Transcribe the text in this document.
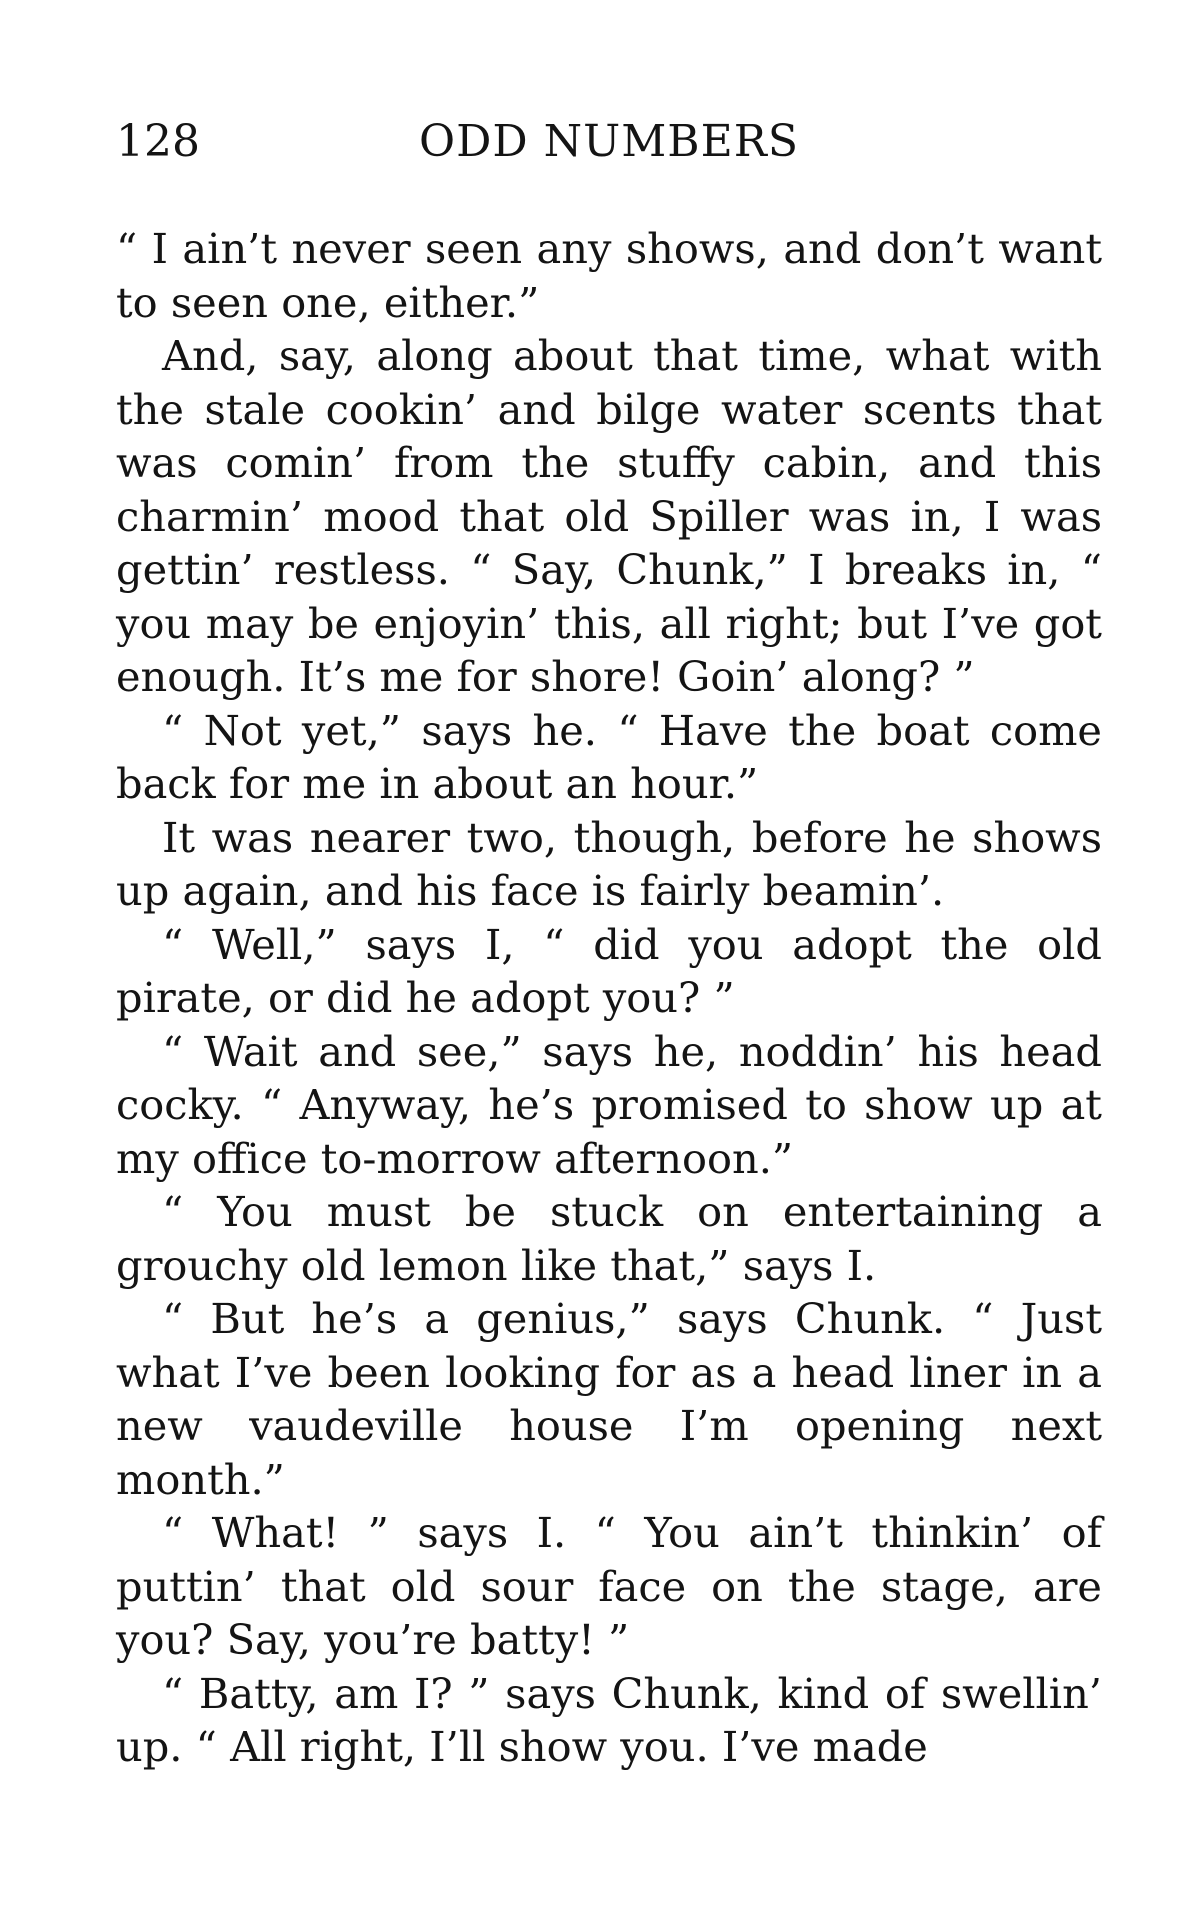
128	ODD NUMBERS

“ I ain’t never seen any shows, and don’t want to seen one, either.”

And, say, along about that time, what with the stale cookin’ and bilge water scents that was comin’ from the stuffy cabin, and this charmin’ mood that old Spiller was in, I was gettin’ restless. “ Say, Chunk,” I breaks in, “ you may be enjoyin’ this, all right; but I’ve got enough. It’s me for shore! Goin’ along? ”

“ Not yet,” says he. “ Have the boat come back for me in about an hour.”

It was nearer two, though, before he shows up again, and his face is fairly beamin’.

“ Well,” says I, “ did you adopt the old pirate, or did he adopt you? ”

“ Wait and see,” says he, noddin’ his head cocky. “ Anyway, he’s promised to show up at my office to-morrow afternoon.”

“ You must be stuck on entertaining a grouchy old lemon like that,” says I.

“ But he’s a genius,” says Chunk. “ Just what I’ve been looking for as a head liner in a new vaudeville house I’m opening next month.”

“ What! ” says I. “ You ain’t thinkin’ of puttin’ that old sour face on the stage, are you? Say, you’re batty! ”

“ Batty, am I? ” says Chunk, kind of swellin’ up. “ All right, I’ll show you. I’ve made
